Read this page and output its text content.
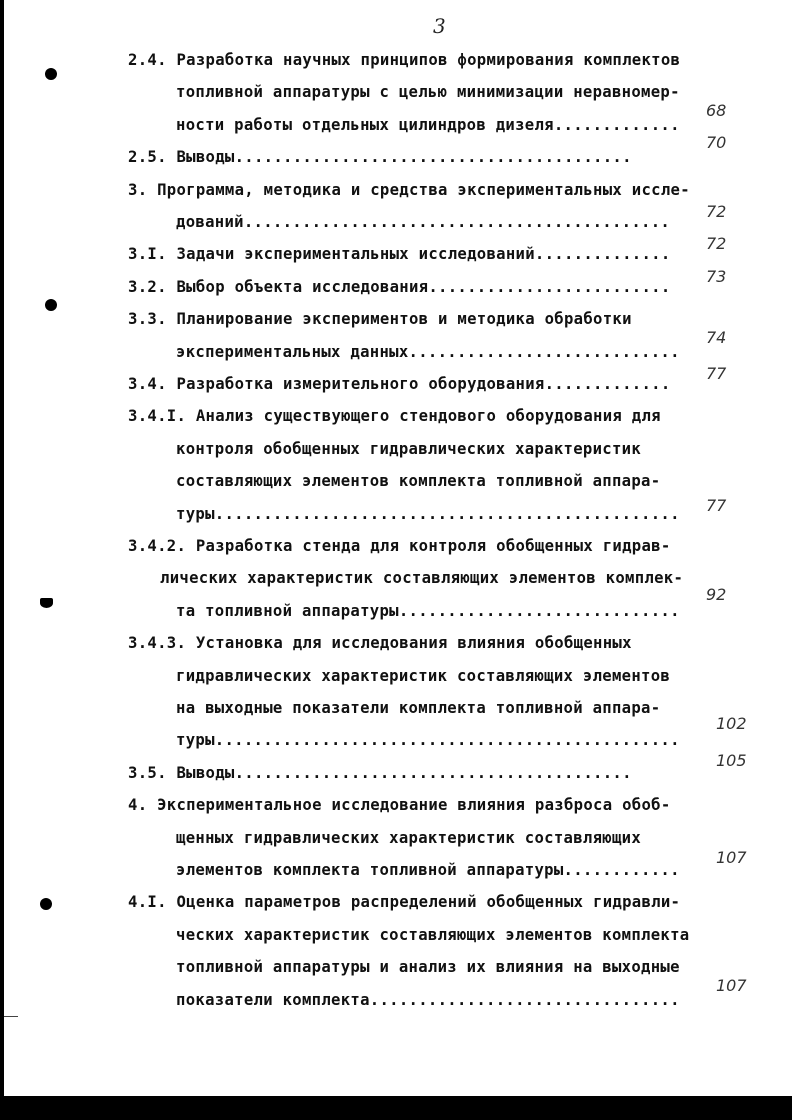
3
2.4. Разработка научных принципов формирования комплектов
топливной аппаратуры с целью минимизации неравномер-
ности работы отдельных цилиндров дизеля.............
68
2.5. Выводы.........................................
70
3. Программа, методика и средства экспериментальных иссле-
дований............................................
72
3.I. Задачи экспериментальных исследований..............
72
3.2. Выбор объекта исследования.........................
73
3.3. Планирование экспериментов и методика обработки
экспериментальных данных............................
74
3.4. Разработка измерительного оборудования.............
77
3.4.I. Анализ существующего стендового оборудования для
контроля обобщенных гидравлических характеристик
составляющих элементов комплекта топливной аппара-
туры................................................	77
3.4.2. Разработка стенда для контроля обобщенных гидрав-
лических характеристик составляющих элементов комплек-
та топливной аппаратуры.............................
92
3.4.3. Установка для исследования влияния обобщенных
гидравлических характеристик составляющих элементов
на выходные показатели комплекта топливной аппара-
туры................................................
102
3.5. Выводы.........................................
105
4. Экспериментальное исследование влияния разброса обоб-
щенных гидравлических характеристик составляющих
элементов комплекта топливной аппаратуры............
107
4.I. Оценка параметров распределений обобщенных гидравли-
ческих характеристик составляющих элементов комплекта
топливной аппаратуры и анализ их влияния на выходные
показатели комплекта................................
107
